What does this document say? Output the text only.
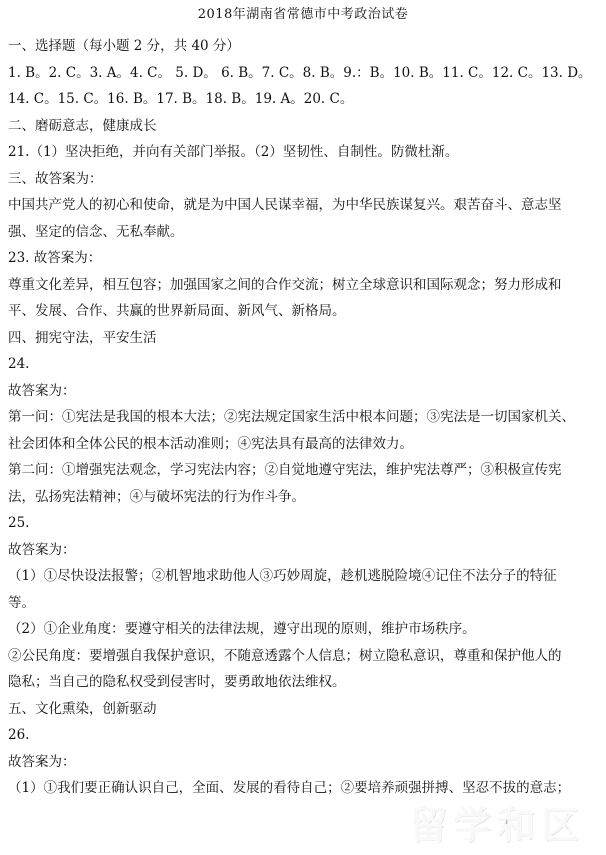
2018年湖南省常德市中考政治试卷
一、选择题（每小题 2 分，共 40 分）
1. B。2. C。3. A。4. C。 5. D。 6. B。7. C。8. B。9.：B。10. B。11. C。12. C。13. D。
14. C。15. C。16. B。17. B。18. B。19. A。20. C。
二、磨砺意志，健康成长
21.（1）坚决拒绝，并向有关部门举报。（2）坚韧性、自制性。防微杜渐。
三、故答案为：
中国共产党人的初心和使命，就是为中国人民谋幸福，为中华民族谋复兴。艰苦奋斗、意志坚
强、坚定的信念、无私奉献。
23. 故答案为：
尊重文化差异，相互包容；加强国家之间的合作交流；树立全球意识和国际观念；努力形成和
平、发展、合作、共赢的世界新局面、新风气、新格局。
四、拥宪守法，平安生活
24.
故答案为：
第一问：①宪法是我国的根本大法；②宪法规定国家生活中根本问题；③宪法是一切国家机关、
社会团体和全体公民的根本活动准则；④宪法具有最高的法律效力。
第二问：①增强宪法观念，学习宪法内容；②自觉地遵守宪法，维护宪法尊严；③积极宣传宪
法，弘扬宪法精神；④与破坏宪法的行为作斗争。
25.
故答案为：
（1）①尽快设法报警；②机智地求助他人③巧妙周旋，趁机逃脱险境④记住不法分子的特征
等。
（2）①企业角度：要遵守相关的法律法规，遵守出现的原则，维护市场秩序。
②公民角度：要增强自我保护意识，不随意透露个人信息；树立隐私意识，尊重和保护他人的
隐私；当自己的隐私权受到侵害时，要勇敢地依法维权。
五、文化熏染，创新驱动
26.
故答案为：
（1）①我们要正确认识自己，全面、发展的看待自己；②要培养顽强拼搏、坚忍不拔的意志；
留学和区
